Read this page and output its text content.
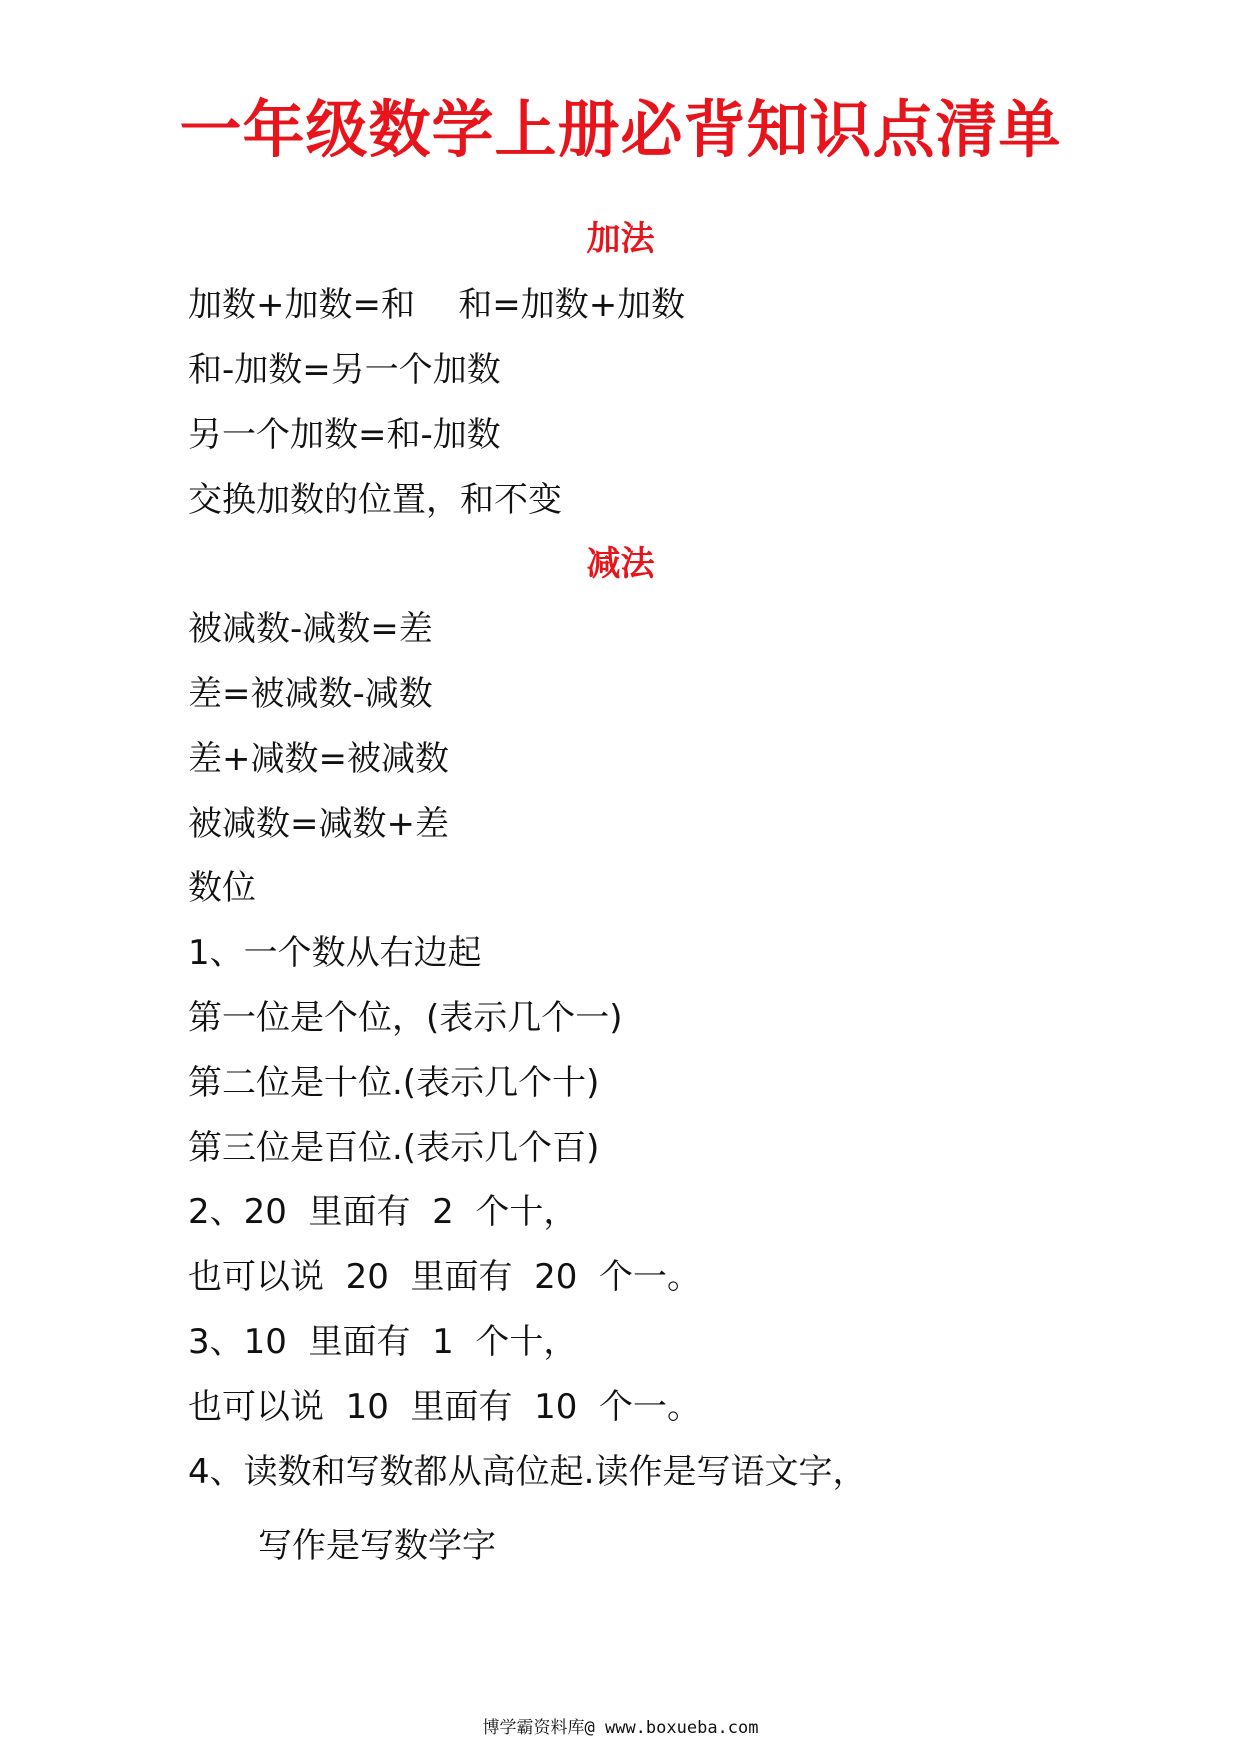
一年级数学上册必背知识点清单
加法

加数+加数=和    和=加数+加数

和-加数=另一个加数

另一个加数=和-加数

交换加数的位置，和不变

减法

被减数-减数=差

差=被减数-减数

差+减数=被减数

被减数=减数+差

数位

1、一个数从右边起

第一位是个位，(表示几个一)

第二位是十位.(表示几个十)

第三位是百位.(表示几个百)

2、20  里面有  2  个十，

也可以说  20  里面有  20  个一。

3、10  里面有  1  个十，

也可以说  10  里面有  10  个一。

4、读数和写数都从高位起.读作是写语文字，

写作是写数学字

博学霸资料库@ www.boxueba.com
